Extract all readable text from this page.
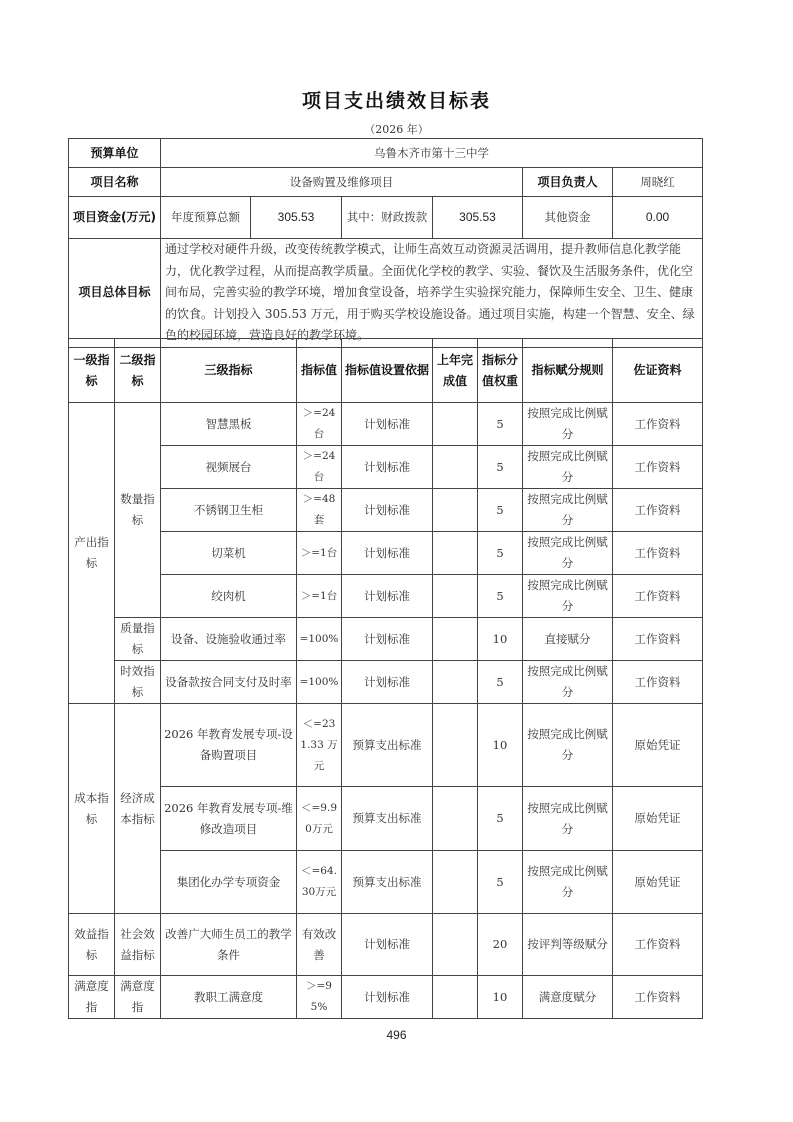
项目支出绩效目标表
（2026 年）
预算单位	乌鲁木齐市第十三中学					
项目名称	设备购置及维修项目				项目负责人	周晓红
项目资金(万元)	年度预算总额	305.53	其中：财政拨款	305.53	其他资金	0.00
项目总体目标	通过学校对硬件升级，改变传统教学模式，让师生高效互动资源灵活调用，提升教师信息化教学能力，优化教学过程，从而提高教学质量。全面优化学校的教学、实验、餐饮及生活服务条件，优化空间布局，完善实验的教学环境，增加食堂设备，培养学生实验探究能力，保障师生安全、卫生、健康的饮食。计划投入 305.53 万元，用于购买学校设施设备。通过项目实施，构建一个智慧、安全、绿色的校园环境，营造良好的教学环境。					
一级指标	二级指标	三级指标	指标值	指标值设置依据	上年完成值	指标分值权重	指标赋分规则	佐证资料
产出指标	数量指标	智慧黑板	＞=24台	计划标准		5	按照完成比例赋分	工作资料
		视频展台	＞=24台	计划标准		5	按照完成比例赋分	工作资料
		不锈钢卫生柜	＞=48套	计划标准		5	按照完成比例赋分	工作资料
		切菜机	＞=1台	计划标准		5	按照完成比例赋分	工作资料
		绞肉机	＞=1台	计划标准		5	按照完成比例赋分	工作资料
	质量指标	设备、设施验收通过率	=100%	计划标准		10	直接赋分	工作资料
	时效指标	设备款按合同支付及时率	=100%	计划标准		5	按照完成比例赋分	工作资料
成本指标	经济成本指标	2026 年教育发展专项-设备购置项目	＜=231.33 万元	预算支出标准		10	按照完成比例赋分	原始凭证
		2026 年教育发展专项-维修改造项目	＜=9.90万元	预算支出标准		5	按照完成比例赋分	原始凭证
		集团化办学专项资金	＜=64.30万元	预算支出标准		5	按照完成比例赋分	原始凭证
效益指标	社会效益指标	改善广大师生员工的教学条件	有效改善	计划标准		20	按评判等级赋分	工作资料
满意度指	满意度指	教职工满意度	＞=95%	计划标准		10	满意度赋分	工作资料
496
